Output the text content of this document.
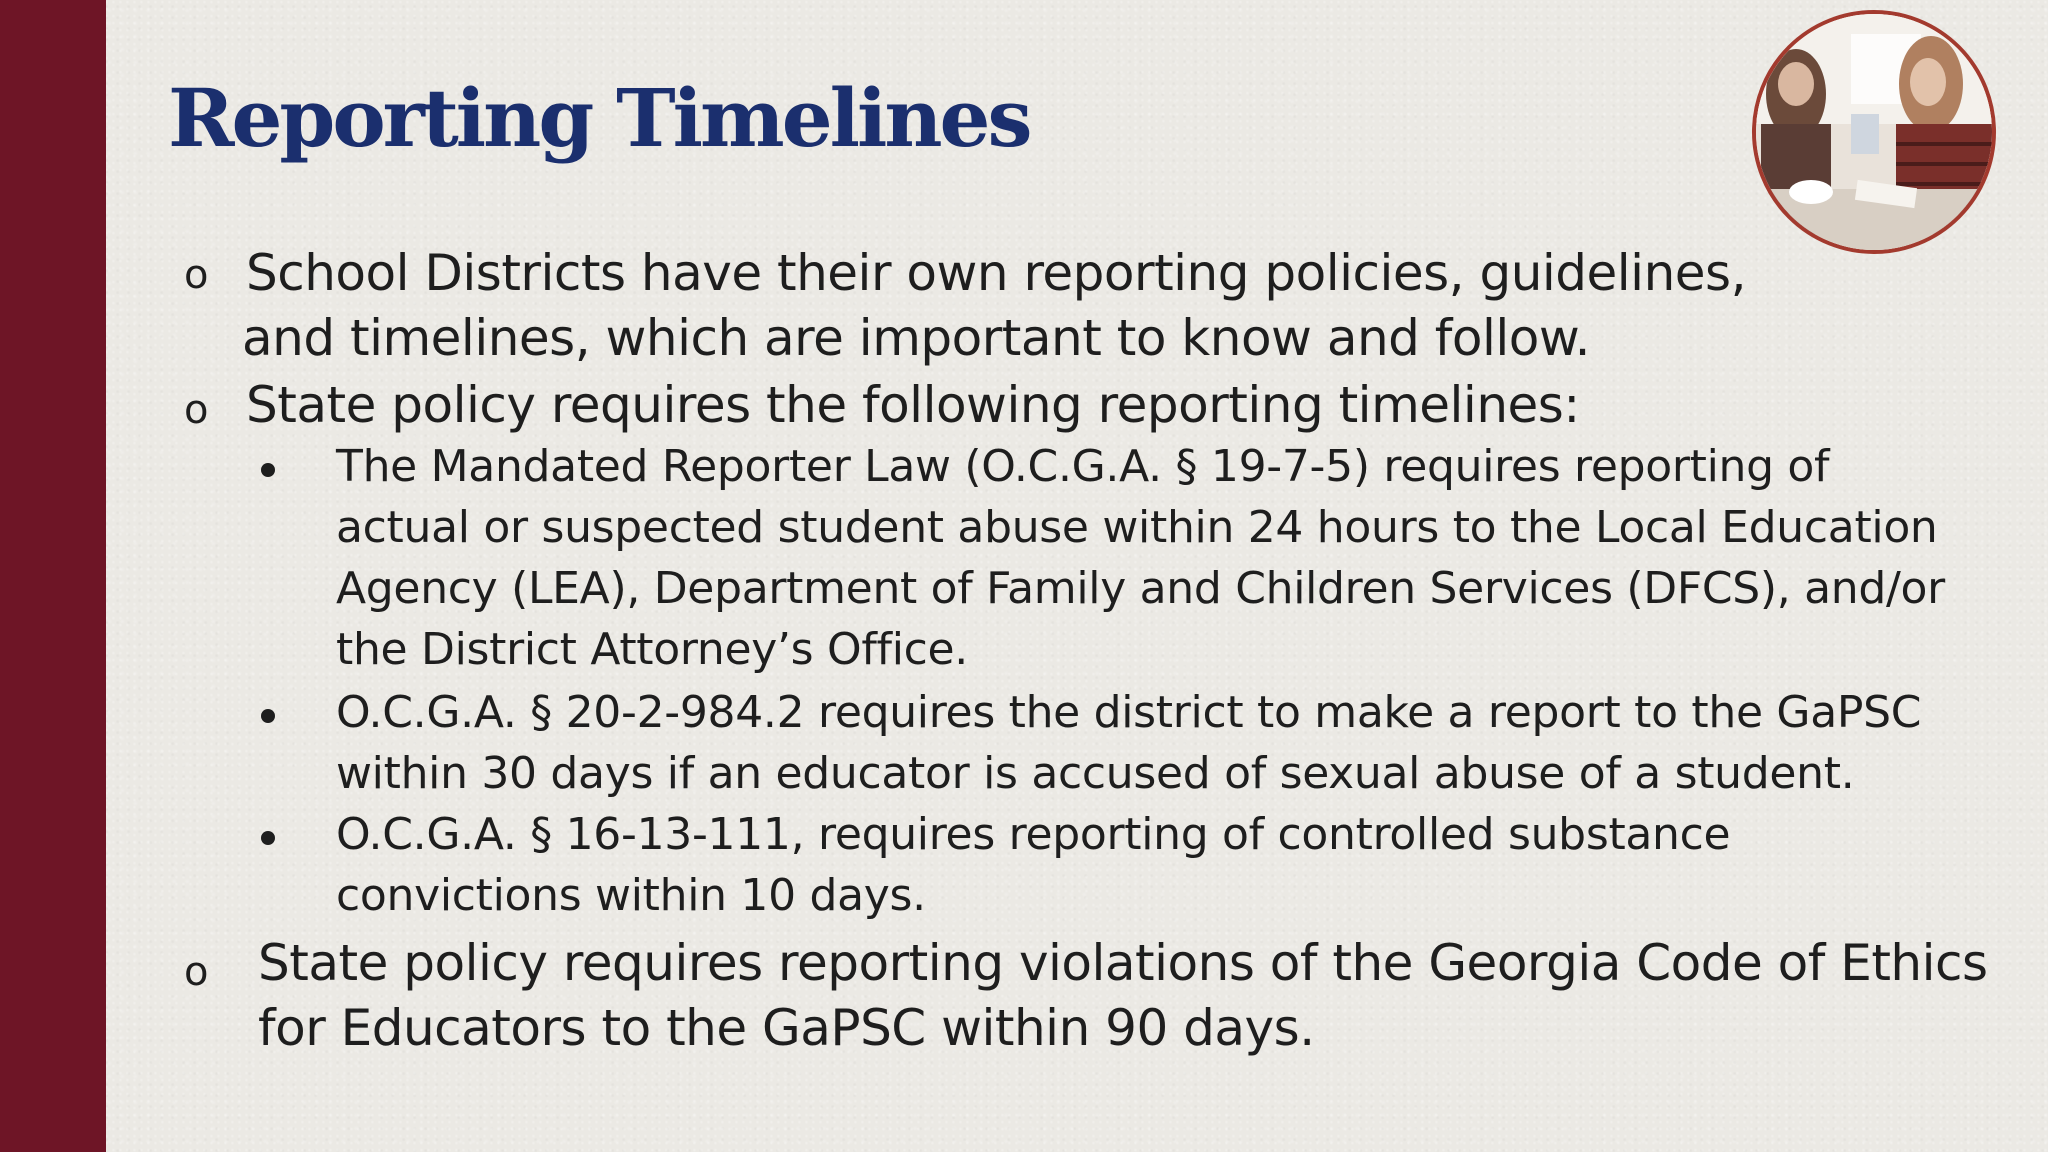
Reporting Timelines
o School Districts have their own reporting policies, guidelines,
and timelines, which are important to know and follow.
o State policy requires the following reporting timelines:
The Mandated Reporter Law (O.C.G.A. § 19-7-5) requires reporting of
actual or suspected student abuse within 24 hours to the Local Education
Agency (LEA), Department of Family and Children Services (DFCS), and/or
the District Attorney’s Office.
O.C.G.A. § 20-2-984.2 requires the district to make a report to the GaPSC
within 30 days if an educator is accused of sexual abuse of a student.
O.C.G.A. § 16-13-111, requires reporting of controlled substance
convictions within 10 days.
o State policy requires reporting violations of the Georgia Code of Ethics
for Educators to the GaPSC within 90 days.
